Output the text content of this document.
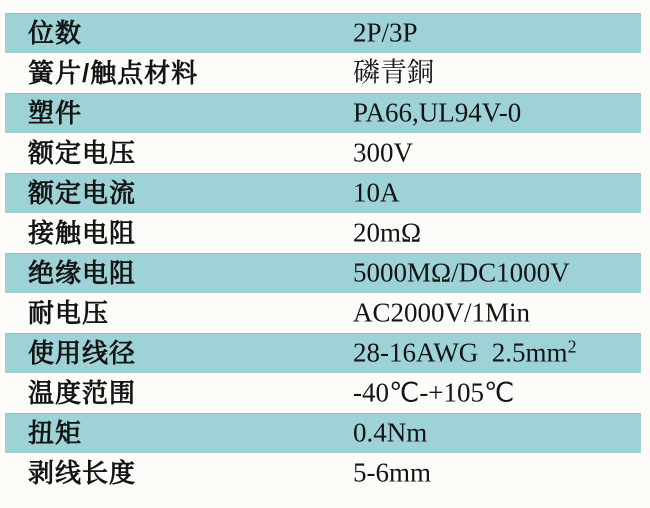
位数	2P/3P
簧片/触点材料	磷青銅
塑件	PA66,UL94V-0
额定电压	300V
额定电流	10A
接触电阻	20mΩ
绝缘电阻	5000MΩ/DC1000V
耐电压	AC2000V/1Min
使用线径	28-16AWG  $2.5mm^2$
温度范围	-40℃-+105℃
扭矩	0.4Nm
剥线长度	5-6mm
